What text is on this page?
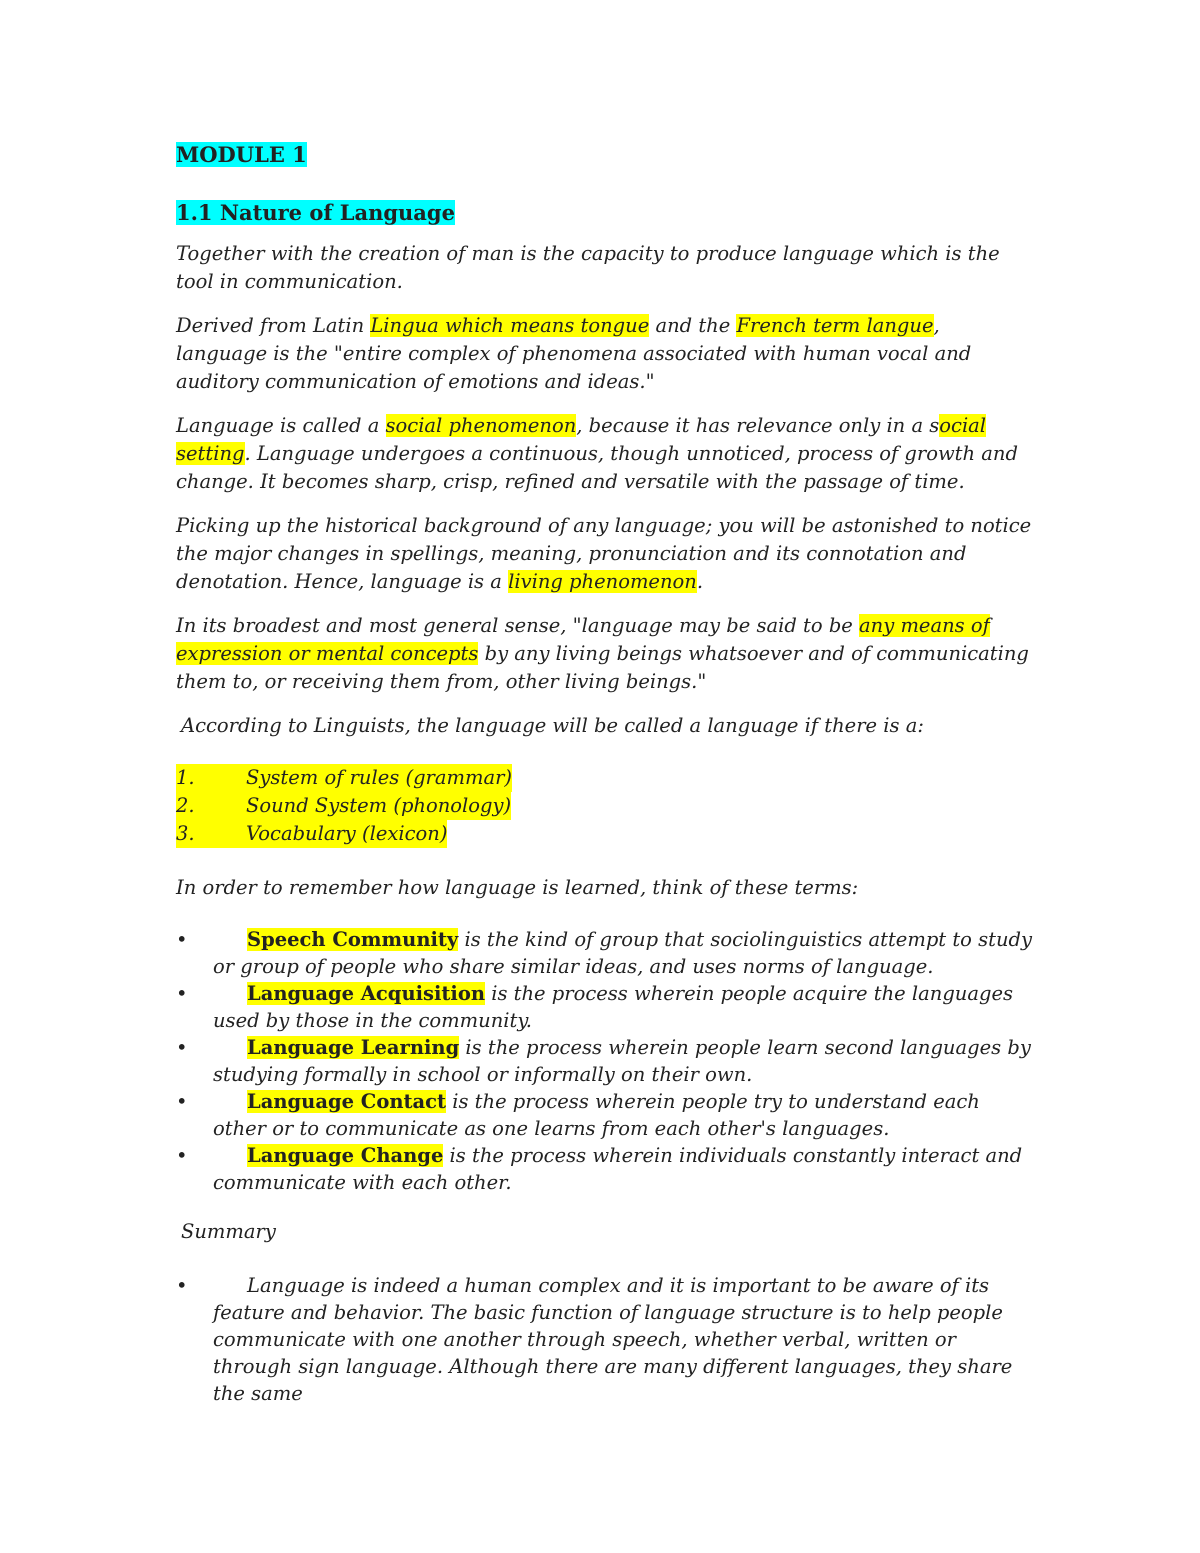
MODULE 1
1.1 Nature of Language

Together with the creation of man is the capacity to produce language which is the tool in communication.

Derived from Latin Lingua which means tongue and the French term langue, language is the "entire complex of phenomena associated with human vocal and auditory communication of emotions and ideas."

Language is called a social phenomenon, because it has relevance only in a social setting. Language undergoes a continuous, though unnoticed, process of growth and change. It becomes sharp, crisp, refined and versatile with the passage of time.

Picking up the historical background of any language; you will be astonished to notice the major changes in spellings, meaning, pronunciation and its connotation and denotation. Hence, language is a living phenomenon.

In its broadest and most general sense, "language may be said to be any means of expression or mental concepts by any living beings whatsoever and of communicating them to, or receiving them from, other living beings."

According to Linguists, the language will be called a language if there is a:

1.	System of rules (grammar)
2.	Sound System (phonology)
3.	Vocabulary (lexicon)

In order to remember how language is learned, think of these terms:

•	Speech Community is the kind of group that sociolinguistics attempt to study or group of people who share similar ideas, and uses norms of language.
•	Language Acquisition is the process wherein people acquire the languages used by those in the community.
•	Language Learning is the process wherein people learn second languages by studying formally in school or informally on their own.
•	Language Contact is the process wherein people try to understand each other or to communicate as one learns from each other's languages.
•	Language Change is the process wherein individuals constantly interact and communicate with each other.

Summary

•	Language is indeed a human complex and it is important to be aware of its feature and behavior. The basic function of language structure is to help people communicate with one another through speech, whether verbal, written or through sign language. Although there are many different languages, they share the same
